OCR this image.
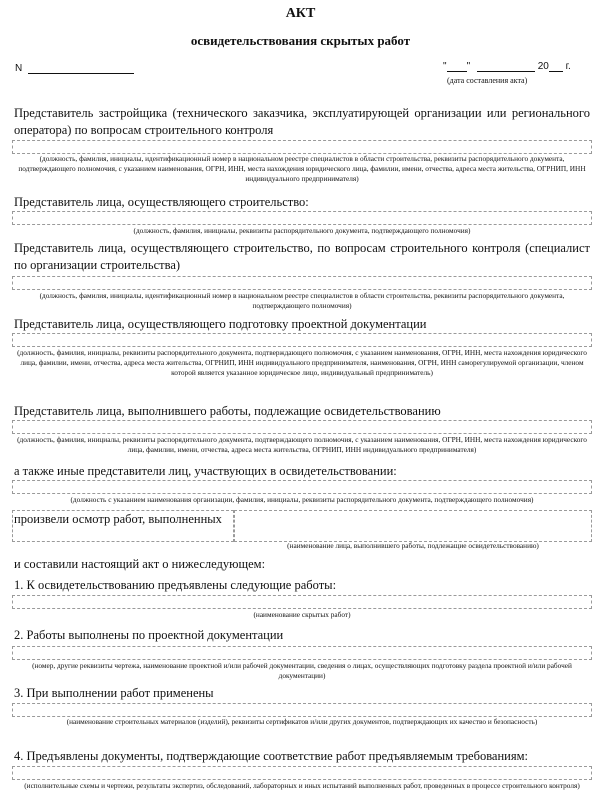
АКТ
освидетельствования скрытых работ
N	" "	20 г.
(дата составления акта)
Представитель застройщика (технического заказчика, эксплуатирующей организации или регионального оператора) по вопросам строительного контроля
(должность, фамилия, инициалы, идентификационный номер в национальном реестре специалистов в области строительства, реквизиты распорядительного документа, подтверждающего полномочия, с указанием наименования, ОГРН, ИНН, места нахождения юридического лица, фамилии, имени, отчества, адреса места жительства, ОГРНИП, ИНН индивидуального предпринимателя)
Представитель лица, осуществляющего строительство:
(должность, фамилия, инициалы, реквизиты распорядительного документа, подтверждающего полномочия)
Представитель лица, осуществляющего строительство, по вопросам строительного контроля (специалист по организации строительства)
(должность, фамилия, инициалы, идентификационный номер в национальном реестре специалистов в области строительства, реквизиты распорядительного документа, подтверждающего полномочия)
Представитель лица, осуществляющего подготовку проектной документации
(должность, фамилия, инициалы, реквизиты распорядительного документа, подтверждающего полномочия, с указанием наименования, ОГРН, ИНН, места нахождения юридического лица, фамилии, имени, отчества, адреса места жительства, ОГРНИП, ИНН индивидуального предпринимателя, наименования, ОГРН, ИНН саморегулируемой организации, членом которой является указанное юридическое лицо, индивидуальный предприниматель)
Представитель лица, выполнившего работы, подлежащие освидетельствованию
(должность, фамилия, инициалы, реквизиты распорядительного документа, подтверждающего полномочия, с указанием наименования, ОГРН, ИНН, места нахождения юридического лица, фамилии, имени, отчества, адреса места жительства, ОГРНИП, ИНН индивидуального предпринимателя)
а также иные представители лиц, участвующих в освидетельствовании:
(должность с указанием наименования организации, фамилия, инициалы, реквизиты распорядительного документа, подтверждающего полномочия)
произвели осмотр работ, выполненных
(наименование лица, выполнившего работы, подлежащие освидетельствованию)
и составили настоящий акт о нижеследующем:
1. К освидетельствованию предъявлены следующие работы:
(наименование скрытых работ)
2. Работы выполнены по проектной документации
(номер, другие реквизиты чертежа, наименование проектной и/или рабочей документации, сведения о лицах, осуществляющих подготовку раздела проектной и/или рабочей документации)
3. При выполнении работ применены
(наименование строительных материалов (изделий), реквизиты сертификатов и/или других документов, подтверждающих их качество и безопасность)
4. Предъявлены документы, подтверждающие соответствие работ предъявляемым требованиям:
(исполнительные схемы и чертежи, результаты экспертиз, обследований, лабораторных и иных испытаний выполненных работ, проведенных в процессе строительного контроля)
